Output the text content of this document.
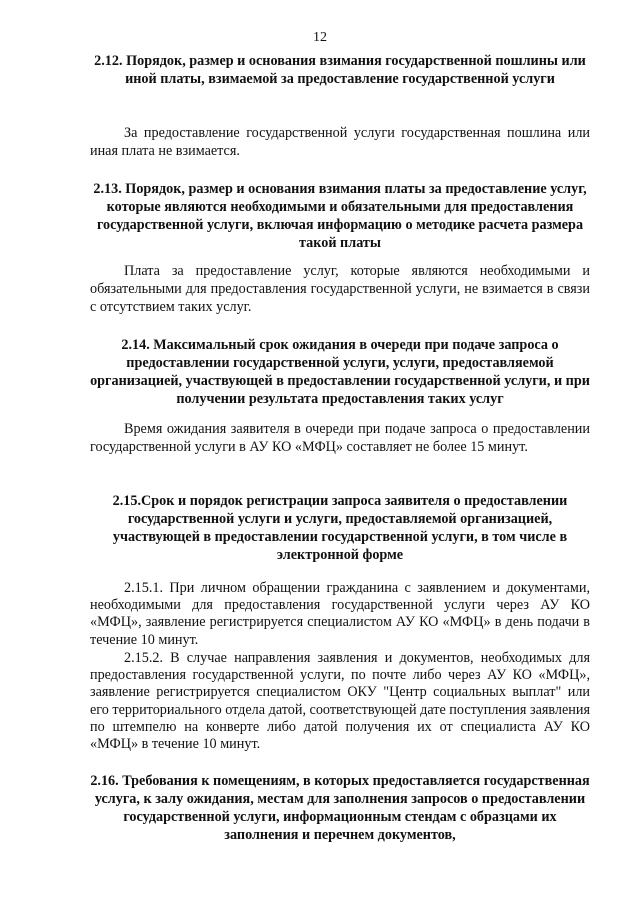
12
2.12. Порядок, размер и основания взимания государственной пошлины или иной платы, взимаемой за предоставление государственной услуги
За предоставление государственной услуги государственная пошлина или иная плата не взимается.
2.13. Порядок, размер и основания взимания платы за предоставление услуг, которые являются необходимыми и обязательными для предоставления государственной услуги, включая информацию о методике расчета размера такой платы
Плата за предоставление услуг, которые являются необходимыми и обязательными для предоставления государственной услуги, не взимается в связи с отсутствием таких услуг.
2.14. Максимальный срок ожидания в очереди при подаче запроса о предоставлении государственной услуги, услуги, предоставляемой организацией, участвующей в предоставлении государственной услуги, и при получении результата предоставления таких услуг
Время ожидания заявителя в очереди при подаче запроса о предоставлении государственной услуги в АУ КО «МФЦ» составляет не более 15 минут.
2.15.Срок и порядок регистрации запроса заявителя о предоставлении государственной услуги и услуги, предоставляемой организацией, участвующей в предоставлении государственной услуги, в том числе в электронной форме
2.15.1. При личном обращении гражданина с заявлением и документами, необходимыми для предоставления государственной услуги через АУ КО «МФЦ», заявление регистрируется специалистом АУ КО «МФЦ» в день подачи в течение 10 минут.
2.15.2. В случае направления заявления и документов, необходимых для предоставления государственной услуги, по почте либо через АУ КО «МФЦ», заявление регистрируется специалистом ОКУ "Центр социальных выплат" или его территориального отдела датой, соответствующей дате поступления заявления по штемпелю на конверте либо датой получения их от специалиста АУ КО «МФЦ» в течение 10 минут.
2.16. Требования к помещениям, в которых предоставляется государственная услуга, к залу ожидания, местам для заполнения запросов о предоставлении государственной услуги, информационным стендам с образцами их заполнения и перечнем документов,
